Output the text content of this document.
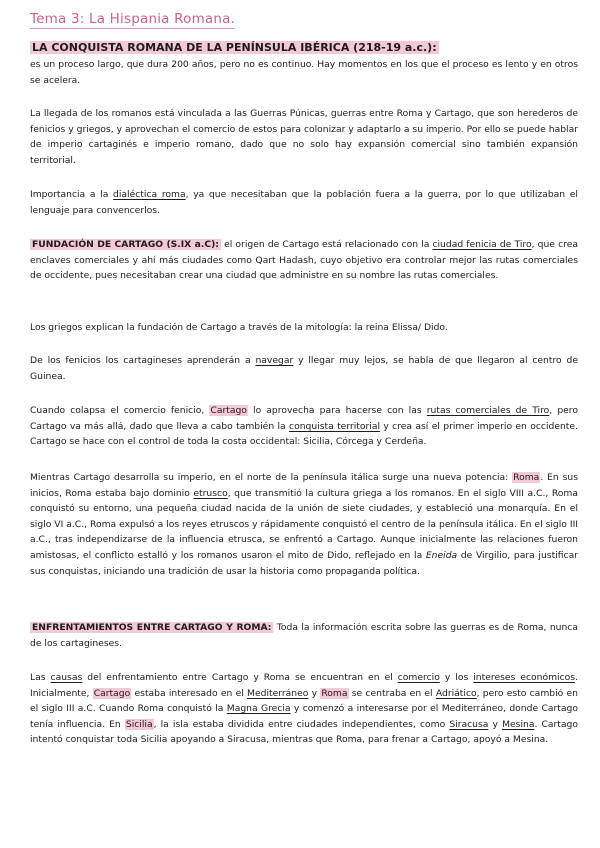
Tema 3: La Hispania Romana.
LA CONQUISTA ROMANA DE LA PENÍNSULA IBÉRICA (218-19 a.c.):

es un proceso largo, que dura 200 años, pero no es continuo. Hay momentos en los que el proceso es lento y en otros se acelera.

La llegada de los romanos está vinculada a las Guerras Púnicas, guerras entre Roma y Cartago, que son herederos de fenicios y griegos, y aprovechan el comercio de estos para colonizar y adaptarlo a su imperio. Por ello se puede hablar de imperio cartaginés e imperio romano, dado que no solo hay expansión comercial sino también expansión territorial.

Importancia a la dialéctica roma, ya que necesitaban que la población fuera a la guerra, por lo que utilizaban el lenguaje para convencerlos.

FUNDACIÓN DE CARTAGO (S.IX a.C): el origen de Cartago está relacionado con la ciudad fenicia de Tiro, que crea enclaves comerciales y ahí más ciudades como Qart Hadash, cuyo objetivo era controlar mejor las rutas comerciales de occidente, pues necesitaban crear una ciudad que administre en su nombre las rutas comerciales.

Los griegos explican la fundación de Cartago a través de la mitología: la reina Elissa/ Dido.

De los fenicios los cartagineses aprenderán a navegar y llegar muy lejos, se habla de que llegaron al centro de Guinea.

Cuando colapsa el comercio fenicio, Cartago lo aprovecha para hacerse con las rutas comerciales de Tiro, pero Cartago va más allá, dado que lleva a cabo también la conquista territorial y crea así el primer imperio en occidente. Cartago se hace con el control de toda la costa occidental: Sicilia, Córcega y Cerdeña.

Mientras Cartago desarrolla su imperio, en el norte de la península itálica surge una nueva potencia: Roma. En sus inicios, Roma estaba bajo dominio etrusco, que transmitió la cultura griega a los romanos. En el siglo VIII a.C., Roma conquistó su entorno, una pequeña ciudad nacida de la unión de siete ciudades, y estableció una monarquía. En el siglo VI a.C., Roma expulsó a los reyes etruscos y rápidamente conquistó el centro de la península itálica. En el siglo III a.C., tras independizarse de la influencia etrusca, se enfrentó a Cartago. Aunque inicialmente las relaciones fueron amistosas, el conflicto estalló y los romanos usaron el mito de Dido, reflejado en la Eneida de Virgilio, para justificar sus conquistas, iniciando una tradición de usar la historia como propaganda política.

ENFRENTAMIENTOS ENTRE CARTAGO Y ROMA: Toda la información escrita sobre las guerras es de Roma, nunca de los cartagineses.

Las causas del enfrentamiento entre Cartago y Roma se encuentran en el comercio y los intereses económicos. Inicialmente, Cartago estaba interesado en el Mediterráneo y Roma se centraba en el Adriático, pero esto cambió en el siglo III a.C. Cuando Roma conquistó la Magna Grecia y comenzó a interesarse por el Mediterráneo, donde Cartago tenía influencia. En Sicilia, la isla estaba dividida entre ciudades independientes, como Siracusa y Mesina. Cartago intentó conquistar toda Sicilia apoyando a Siracusa, mientras que Roma, para frenar a Cartago, apoyó a Mesina.
